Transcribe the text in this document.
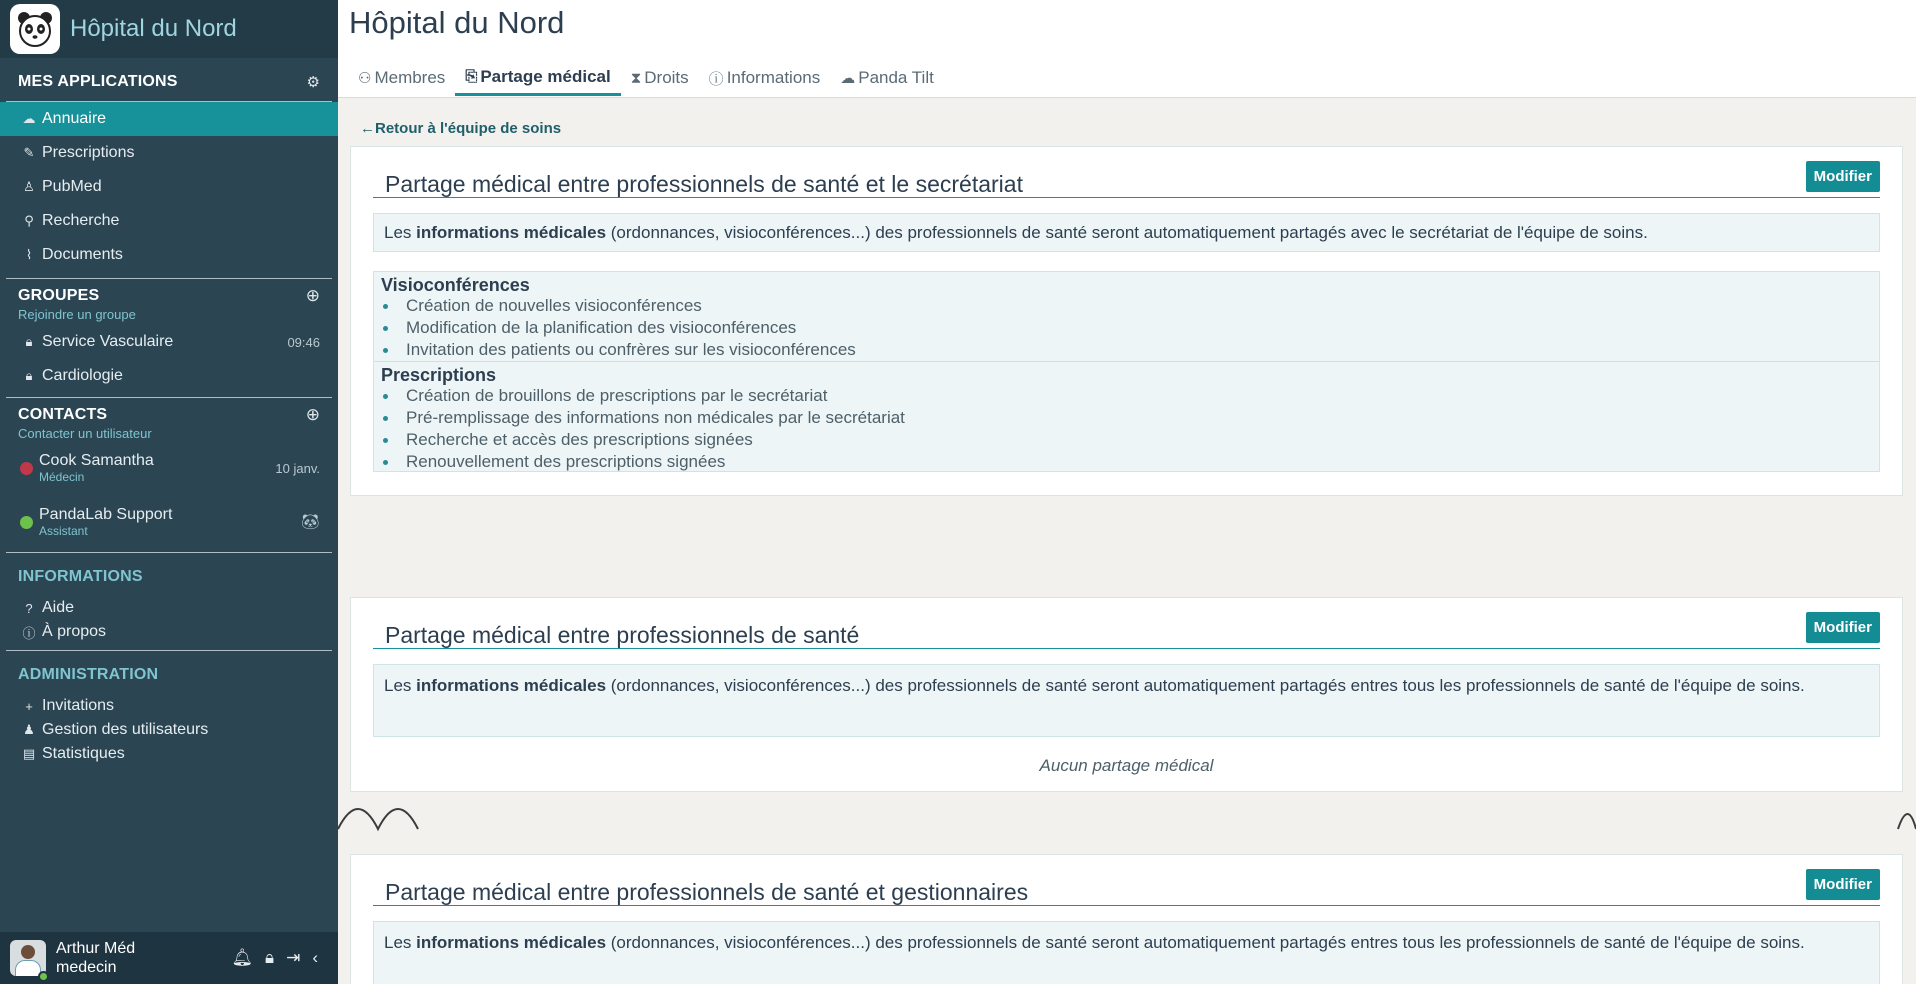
Hôpital du Nord
MES APPLICATIONS	⚙
☁ Annuaire
✎ Prescriptions
♙ PubMed
⚲ Recherche
⌇ Documents
GROUPES	⊕
Rejoindre un groupe
🔒︎ Service Vasculaire	09:46
🔒︎ Cardiologie
CONTACTS	⊕
Contacter un utilisateur
Cook Samantha
Médecin
10 janv.
PandaLab Support
Assistant	🐼︎
INFORMATIONS
? Aide
ⓘ À propos
ADMINISTRATION
+ Invitations
♟ Gestion des utilisateurs
▤ Statistiques
Arthur Méd
medecin
🔔︎ 🔒︎ ⇥ ‹
Hôpital du Nord
⚇ Membres ⎘ Partage médical ⧗ Droits ⓘ Informations ☁ Panda Tilt
←Retour à l'équipe de soins
Partage médical entre professionnels de santé et le secrétariat	Modifier
Les informations médicales (ordonnances, visioconférences...) des professionnels de santé seront automatiquement partagés avec le secrétariat de l'équipe de soins.
Visioconférences
Création de nouvelles visioconférences
Modification de la planification des visioconférences
Invitation des patients ou confrères sur les visioconférences
Prescriptions
Création de brouillons de prescriptions par le secrétariat
Pré-remplissage des informations non médicales par le secrétariat
Recherche et accès des prescriptions signées
Renouvellement des prescriptions signées
Partage médical entre professionnels de santé	Modifier
Les informations médicales (ordonnances, visioconférences...) des professionnels de santé seront automatiquement partagés entres tous les professionnels de santé de l'équipe de soins.
Aucun partage médical
Partage médical entre professionnels de santé et gestionnaires	Modifier
Les informations médicales (ordonnances, visioconférences...) des professionnels de santé seront automatiquement partagés entres tous les professionnels de santé de l'équipe de soins.
